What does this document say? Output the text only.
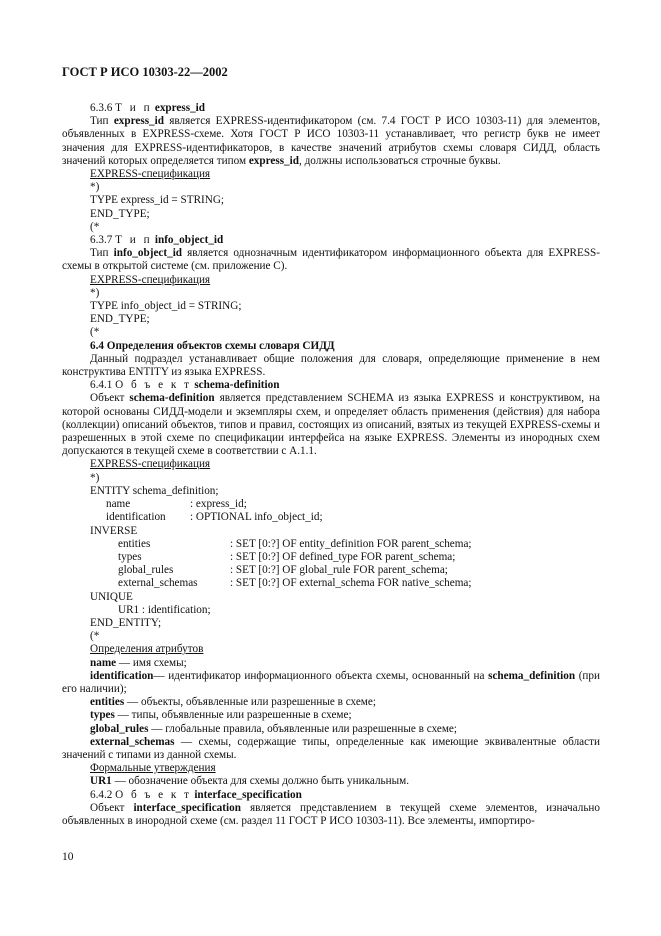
ГОСТ Р ИСО 10303-22—2002

6.3.6 Т и п express_id

Тип express_id является EXPRESS-идентификатором (см. 7.4 ГОСТ Р ИСО 10303-11) для элементов, объявленных в EXPRESS-схеме. Хотя ГОСТ Р ИСО 10303-11 устанавливает, что регистр букв не имеет значения для EXPRESS-идентификаторов, в качестве значений атрибутов схемы словаря СИДД, область значений которых определяется типом express_id, должны использоваться строчные буквы.

EXPRESS-спецификация

*)

TYPE express_id = STRING;

END_TYPE;

(*

6.3.7 Т и п info_object_id

Тип info_object_id является однозначным идентификатором информационного объекта для EXPRESS-схемы в открытой системе (см. приложение С).

EXPRESS-спецификация

*)

TYPE info_object_id = STRING;

END_TYPE;

(*

6.4 Определения объектов схемы словаря СИДД

Данный подраздел устанавливает общие положения для словаря, определяющие применение в нем конструктива ENTITY из языка EXPRESS.

6.4.1 О б ъ е к т schema-definition

Объект schema-definition является представлением SCHEMA из языка EXPRESS и конструктивом, на которой основаны СИДД-модели и экземпляры схем, и определяет область применения (действия) для набора (коллекции) описаний объектов, типов и правил, состоящих из описаний, взятых из текущей EXPRESS-схемы и разрешенных в этой схеме по спецификации интерфейса на языке EXPRESS. Элементы из инородных схем допускаются в текущей схеме в соответствии с А.1.1.

EXPRESS-спецификация

*)

ENTITY schema_definition;

name	: express_id;
identification	: OPTIONAL info_object_id;

INVERSE

entities	: SET [0:?] OF entity_definition FOR parent_schema;
types	: SET [0:?] OF defined_type FOR parent_schema;
global_rules	: SET [0:?] OF global_rule FOR parent_schema;
external_schemas	: SET [0:?] OF external_schema FOR native_schema;

UNIQUE

UR1 : identification;

END_ENTITY;

(*

Определения атрибутов

name — имя схемы;

identification— идентификатор информационного объекта схемы, основанный на schema_definition (при его наличии);

entities — объекты, объявленные или разрешенные в схеме;

types — типы, объявленные или разрешенные в схеме;

global_rules — глобальные правила, объявленные или разрешенные в схеме;

external_schemas — схемы, содержащие типы, определенные как имеющие эквивалентные области значений с типами из данной схемы.

Формальные утверждения

UR1 — обозначение объекта для схемы должно быть уникальным.

6.4.2 О б ъ е к т interface_specification

Объект interface_specification является представлением в текущей схеме элементов, изначально объявленных в инородной схеме (см. раздел 11 ГОСТ Р ИСО 10303-11). Все элементы, импортиро-

10
